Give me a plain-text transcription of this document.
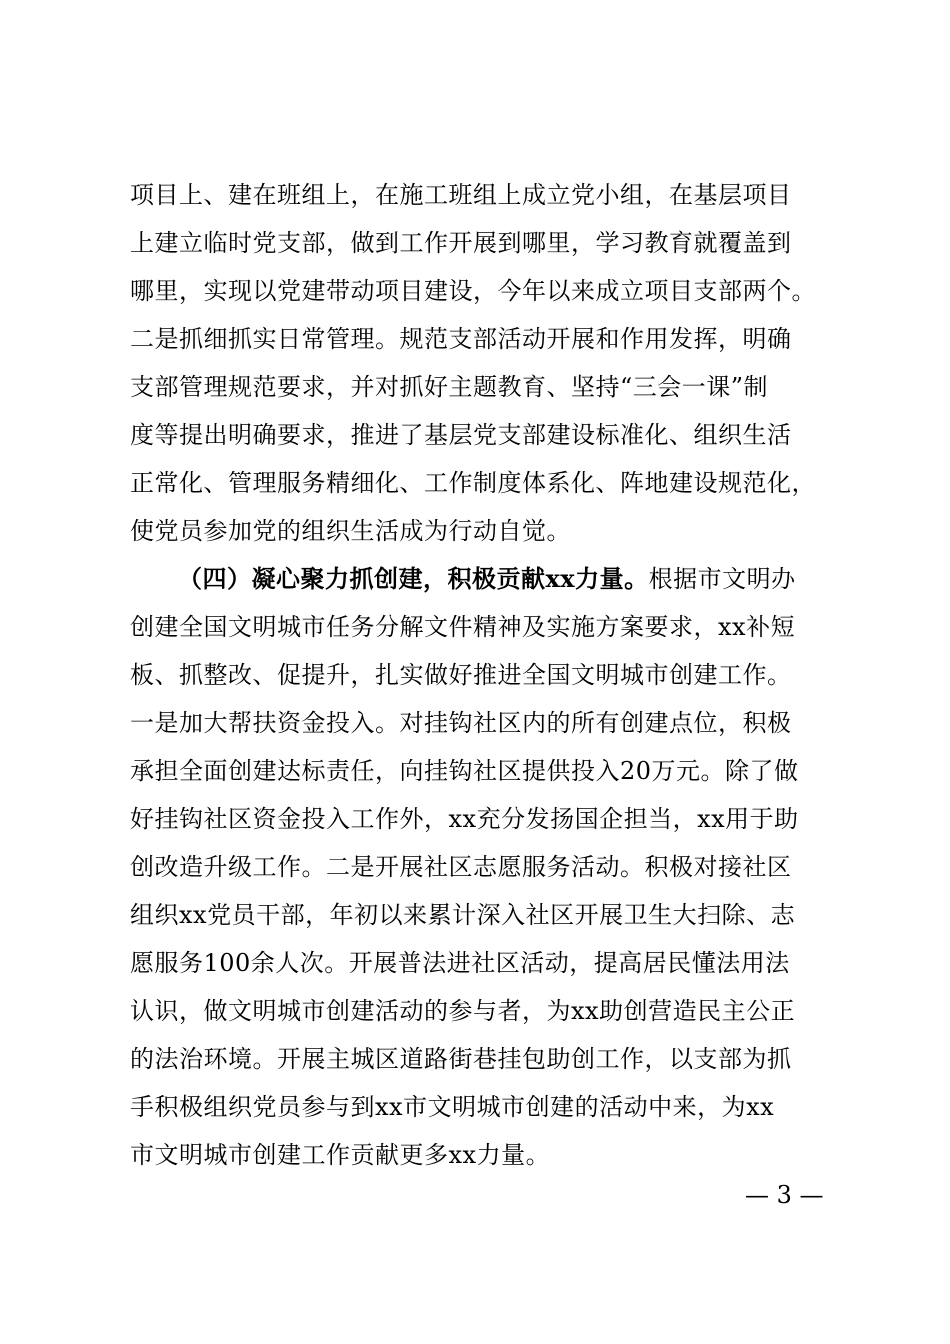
项目上、建在班组上，在施工班组上成立党小组，在基层项目
上建立临时党支部，做到工作开展到哪里，学习教育就覆盖到
哪里，实现以党建带动项目建设，今年以来成立项目支部两个。
二是抓细抓实日常管理。规范支部活动开展和作用发挥，明确
支部管理规范要求，并对抓好主题教育、坚持“三会一课”制
度等提出明确要求，推进了基层党支部建设标准化、组织生活
正常化、管理服务精细化、工作制度体系化、阵地建设规范化，
使党员参加党的组织生活成为行动自觉。
（四）凝心聚力抓创建，积极贡献xx力量。根据市文明办
创建全国文明城市任务分解文件精神及实施方案要求，xx补短
板、抓整改、促提升，扎实做好推进全国文明城市创建工作。
一是加大帮扶资金投入。对挂钩社区内的所有创建点位，积极
承担全面创建达标责任，向挂钩社区提供投入20万元。除了做
好挂钩社区资金投入工作外，xx充分发扬国企担当，xx用于助
创改造升级工作。二是开展社区志愿服务活动。积极对接社区
组织xx党员干部，年初以来累计深入社区开展卫生大扫除、志
愿服务100余人次。开展普法进社区活动，提高居民懂法用法
认识，做文明城市创建活动的参与者，为xx助创营造民主公正
的法治环境。开展主城区道路街巷挂包助创工作，以支部为抓
手积极组织党员参与到xx市文明城市创建的活动中来，为xx
市文明城市创建工作贡献更多xx力量。
— 3 —
